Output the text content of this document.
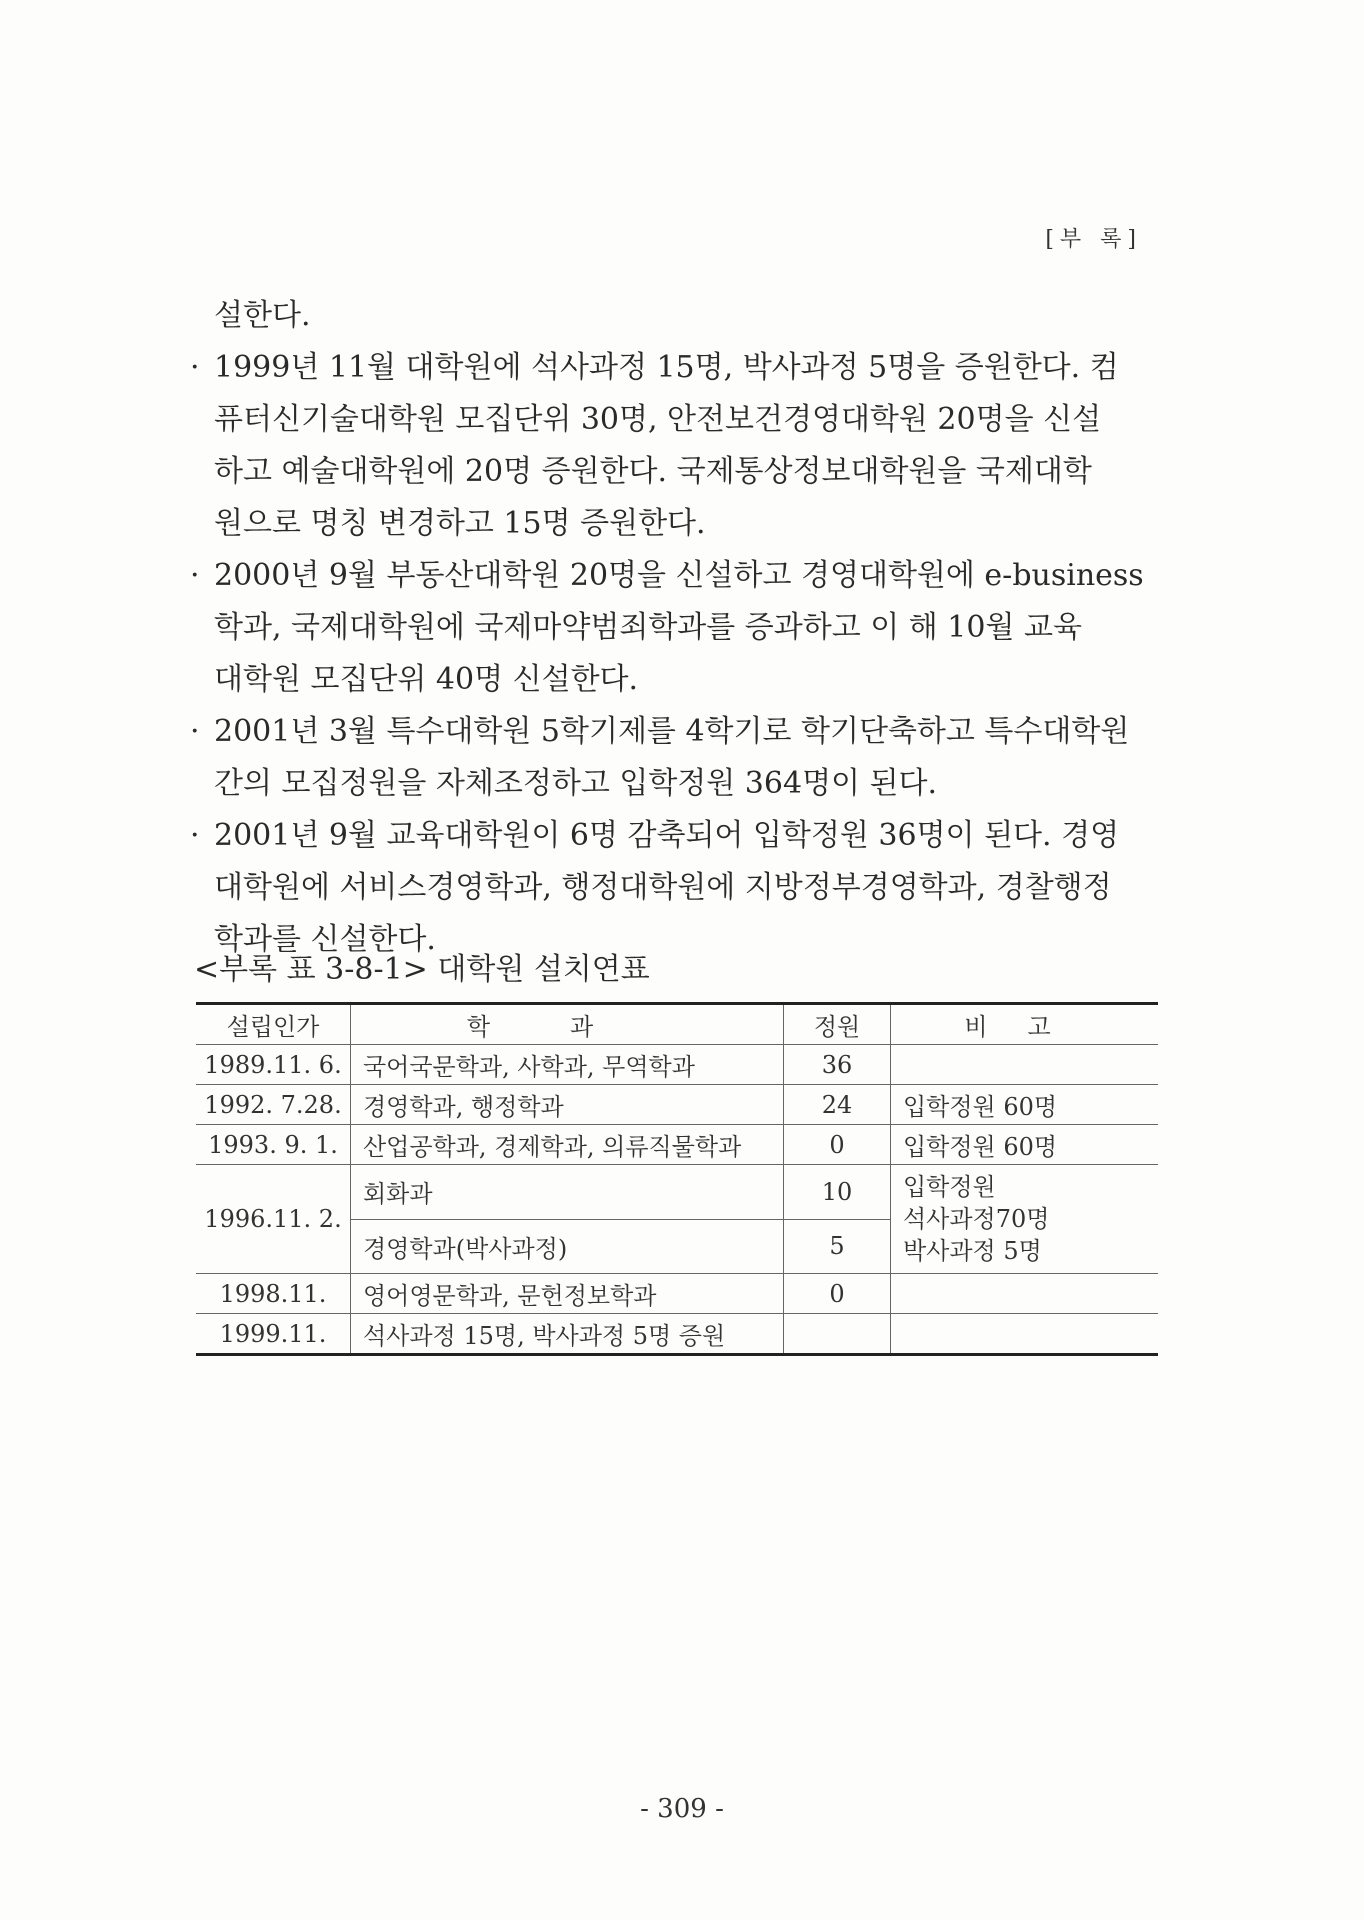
[부 록]
설한다.
· 1999년 11월 대학원에 석사과정 15명, 박사과정 5명을 증원한다. 컴
퓨터신기술대학원 모집단위 30명, 안전보건경영대학원 20명을 신설
하고 예술대학원에 20명 증원한다. 국제통상정보대학원을 국제대학
원으로 명칭 변경하고 15명 증원한다.
· 2000년 9월 부동산대학원 20명을 신설하고 경영대학원에 e-business
학과, 국제대학원에 국제마약범죄학과를 증과하고 이 해 10월 교육
대학원 모집단위 40명 신설한다.
· 2001년 3월 특수대학원 5학기제를 4학기로 학기단축하고 특수대학원
간의 모집정원을 자체조정하고 입학정원 364명이 된다.
· 2001년 9월 교육대학원이 6명 감축되어 입학정원 36명이 된다. 경영
대학원에 서비스경영학과, 행정대학원에 지방정부경영학과, 경찰행정
학과를 신설한다.
<부록 표 3-8-1> 대학원 설치연표
설립인가	학과	정원	비고
1989.11. 6.	국어국문학과, 사학과, 무역학과	36	
1992. 7.28.	경영학과, 행정학과	24	입학정원 60명
1993. 9. 1.	산업공학과, 경제학과, 의류직물학과	0	입학정원 60명
1996.11. 2.	회화과	10	입학정원
석사과정70명
박사과정 5명

	경영학과(박사과정)	5	
1998.11.	영어영문학과, 문헌정보학과	0	
1999.11.	석사과정 15명, 박사과정 5명 증원		
- 309 -
